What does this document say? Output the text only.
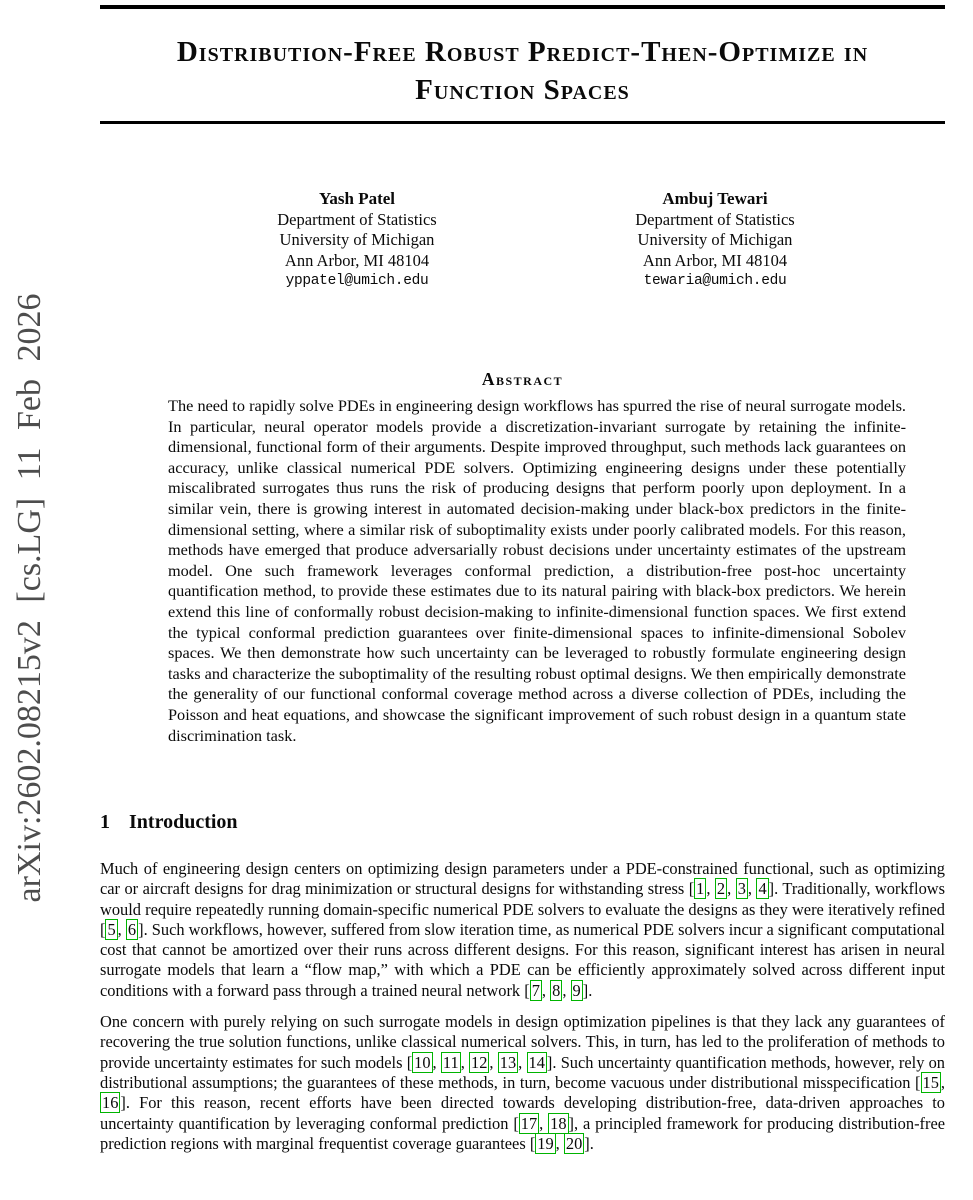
arXiv:2602.08215v2 [cs.LG] 11 Feb 2026
Distribution-Free Robust Predict-Then-Optimize in
Function Spaces
Yash Patel
Department of Statistics
University of Michigan
Ann Arbor, MI 48104
yppatel@umich.edu
Ambuj Tewari
Department of Statistics
University of Michigan
Ann Arbor, MI 48104
tewaria@umich.edu
Abstract
The need to rapidly solve PDEs in engineering design workflows has spurred the rise of neural surrogate models. In particular, neural operator models provide a discretization-invariant surrogate by retaining the infinite-dimensional, functional form of their arguments. Despite improved throughput, such methods lack guarantees on accuracy, unlike classical numerical PDE solvers. Optimizing engineering designs under these potentially miscalibrated surrogates thus runs the risk of producing designs that perform poorly upon deployment. In a similar vein, there is growing interest in automated decision-making under black-box predictors in the finite-dimensional setting, where a similar risk of suboptimality exists under poorly calibrated models. For this reason, methods have emerged that produce adversarially robust decisions under uncertainty estimates of the upstream model. One such framework leverages conformal prediction, a distribution-free post-hoc uncertainty quantification method, to provide these estimates due to its natural pairing with black-box predictors. We herein extend this line of conformally robust decision-making to infinite-dimensional function spaces. We first extend the typical conformal prediction guarantees over finite-dimensional spaces to infinite-dimensional Sobolev spaces. We then demonstrate how such uncertainty can be leveraged to robustly formulate engineering design tasks and characterize the suboptimality of the resulting robust optimal designs. We then empirically demonstrate the generality of our functional conformal coverage method across a diverse collection of PDEs, including the Poisson and heat equations, and showcase the significant improvement of such robust design in a quantum state discrimination task.
1 Introduction

Much of engineering design centers on optimizing design parameters under a PDE-constrained functional, such as optimizing car or aircraft designs for drag minimization or structural designs for withstanding stress [ 1 , 2 , 3 , 4 ]. Traditionally, workflows would require repeatedly running domain-specific numerical PDE solvers to evaluate the designs as they were iteratively refined [ 5 , 6 ]. Such workflows, however, suffered from slow iteration time, as numerical PDE solvers incur a significant computational cost that cannot be amortized over their runs across different designs. For this reason, significant interest has arisen in neural surrogate models that learn a “flow map,” with which a PDE can be efficiently approximately solved across different input conditions with a forward pass through a trained neural network [ 7 , 8 , 9 ].

One concern with purely relying on such surrogate models in design optimization pipelines is that they lack any guarantees of recovering the true solution functions, unlike classical numerical solvers. This, in turn, has led to the proliferation of methods to provide uncertainty estimates for such models [ 10 , 11 , 12 , 13 , 14 ]. Such uncertainty quantification methods, however, rely on distributional assumptions; the guarantees of these methods, in turn, become vacuous under distributional misspecification [ 15 , 16 ]. For this reason, recent efforts have been directed towards developing distribution-free, data-driven approaches to uncertainty quantification by leveraging conformal prediction [ 17 , 18 ], a principled framework for producing distribution-free prediction regions with marginal frequentist coverage guarantees [ 19 , 20 ].
